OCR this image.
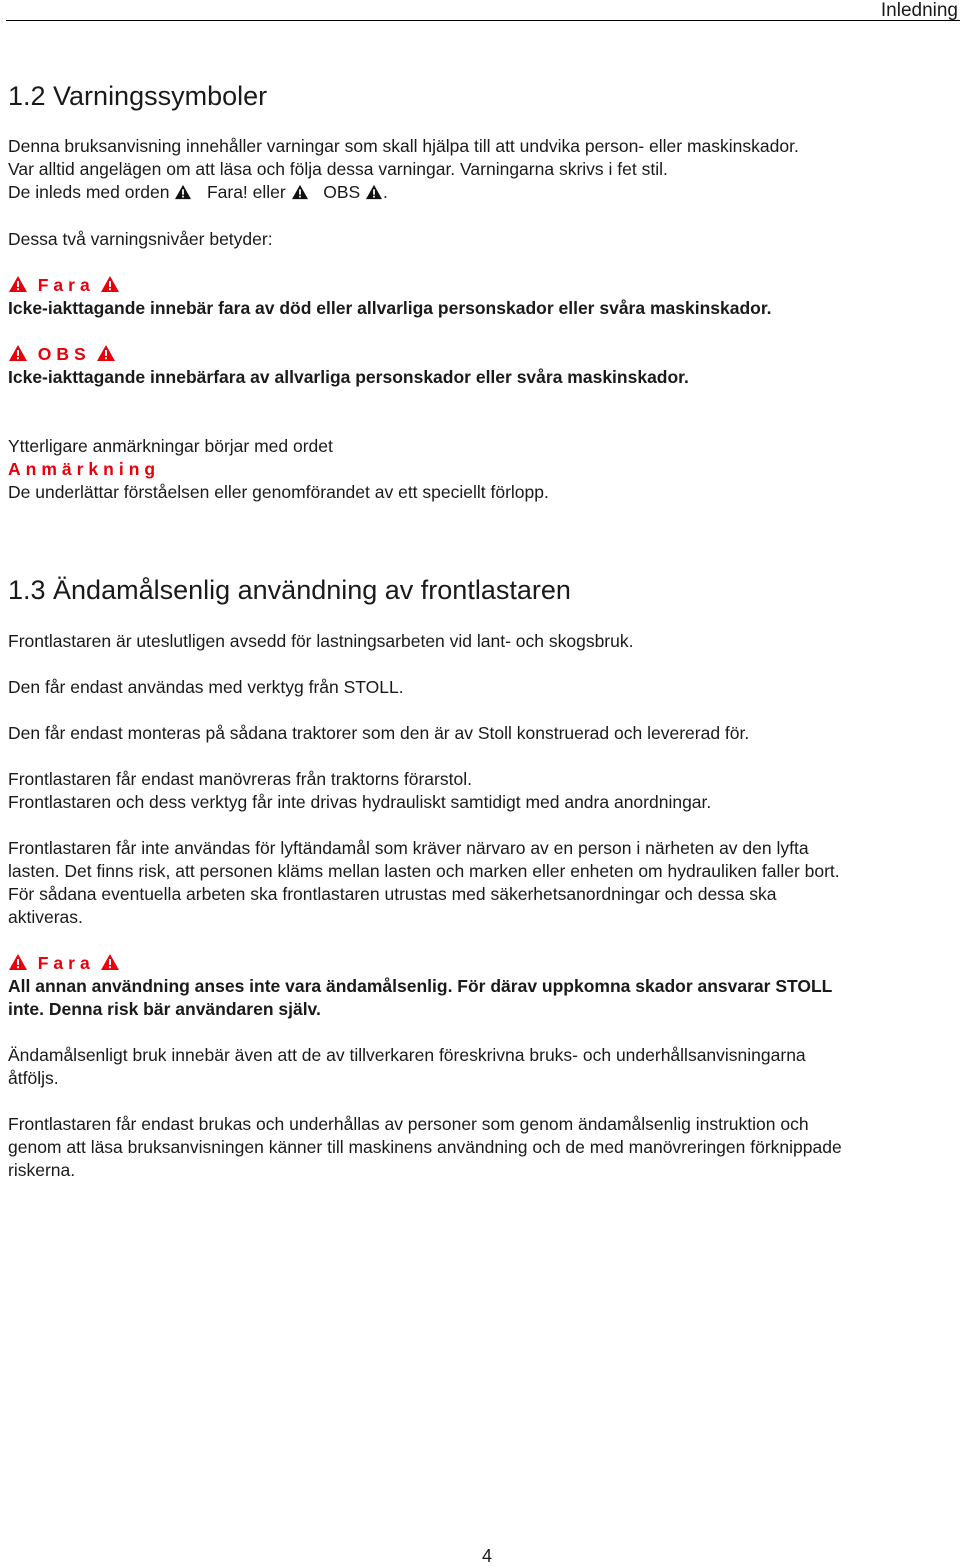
Inledning
1.2 Varningssymboler
Denna bruksanvisning innehåller varningar som skall hjälpa till att undvika person- eller maskinskador.
Var alltid angelägen om att läsa och följa dessa varningar. Varningarna skrivs i fet stil.
De inleds med orden Fara! eller OBS .
Dessa två varningsnivåer betyder:
Fara
Icke-iakttagande innebär fara av död eller allvarliga personskador eller svåra maskinskador.
OBS
Icke-iakttagande innebärfara av allvarliga personskador eller svåra maskinskador.
Ytterligare anmärkningar börjar med ordet
Anmärkning
De underlättar förståelsen eller genomförandet av ett speciellt förlopp.
1.3 Ändamålsenlig användning av frontlastaren
Frontlastaren är uteslutligen avsedd för lastningsarbeten vid lant- och skogsbruk.
Den får endast användas med verktyg från STOLL.
Den får endast monteras på sådana traktorer som den är av Stoll konstruerad och levererad för.
Frontlastaren får endast manövreras från traktorns förarstol.
Frontlastaren och dess verktyg får inte drivas hydrauliskt samtidigt med andra anordningar.
Frontlastaren får inte användas för lyftändamål som kräver närvaro av en person i närheten av den lyfta
lasten. Det finns risk, att personen kläms mellan lasten och marken eller enheten om hydrauliken faller bort.
För sådana eventuella arbeten ska frontlastaren utrustas med säkerhetsanordningar och dessa ska
aktiveras.
Fara
All annan användning anses inte vara ändamålsenlig. För därav uppkomna skador ansvarar STOLL
inte. Denna risk bär användaren själv.
Ändamålsenligt bruk innebär även att de av tillverkaren föreskrivna bruks- och underhållsanvisningarna
åtföljs.
Frontlastaren får endast brukas och underhållas av personer som genom ändamålsenlig instruktion och
genom att läsa bruksanvisningen känner till maskinens användning och de med manövreringen förknippade
riskerna.
4
